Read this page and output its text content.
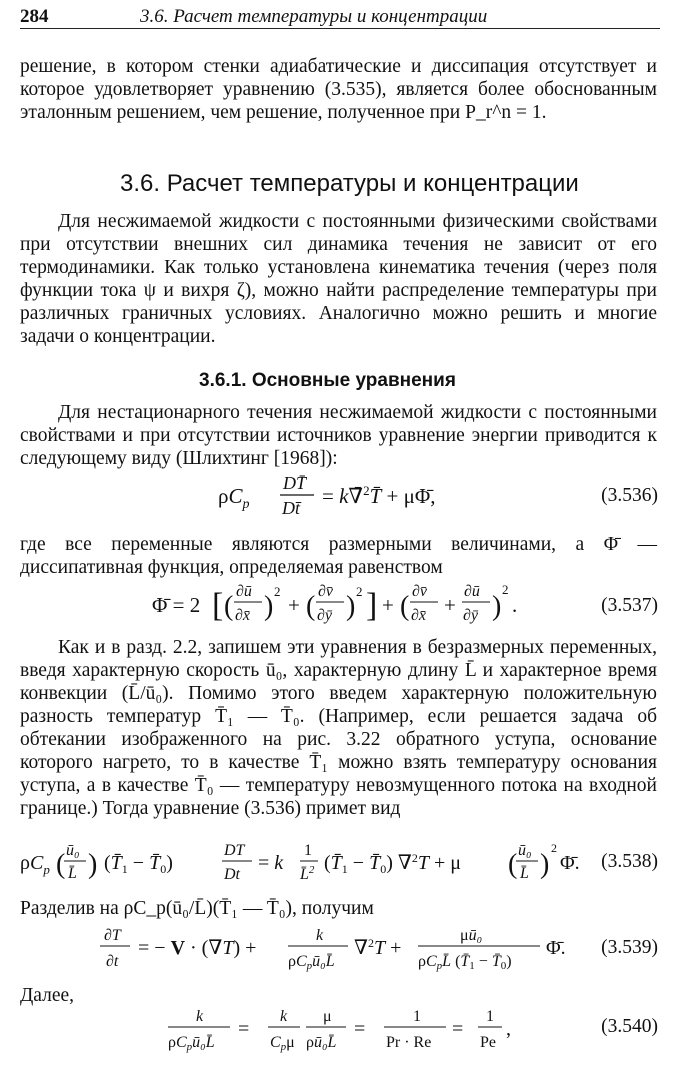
284	3.6. Расчет температуры и концентрации
решение, в котором стенки адиабатические и диссипация отсутствует и которое удовлетворяет уравнению (3.535), является более обоснованным эталонным решением, чем решение, полученное при P_r^n = 1.
3.6. Расчет температуры и концентрации
Для несжимаемой жидкости с постоянными физическими свойствами при отсутствии внешних сил динамика течения не зависит от его термодинамики. Как только установлена кинематика течения (через поля функции тока ψ и вихря ζ), можно найти распределение температуры при различных граничных условиях. Аналогично можно решить и многие задачи о концентрации.
3.6.1. Основные уравнения
Для нестационарного течения несжимаемой жидкости с постоянными свойствами и при отсутствии источников уравнение энергии приводится к следующему виду (Шлихтинг [1968]):
$\rho C_p$
DT̄
Dt̄ = k∇̄$^2$T̄ + μΦ̄,	(3.536)
где все переменные являются размерными величинами, а Φ̄ — диссипативная функция, определяемая равенством
Φ̄ = 2 [ ( ∂ū
∂x̄ ) 2
+ ( ∂v̄
∂ȳ ) 2 ] + ( ∂v̄
∂x̄ +
∂ū
∂ȳ )
2
.	(3.537)
Как и в разд. 2.2, запишем эти уравнения в безразмерных переменных, введя характерную скорость ū₀, характерную длину L̄ и характерное время конвекции (L̄/ū₀). Помимо этого введем характерную положительную разность температур T̄₁ — T̄₀. (Например, если решается задача об обтекании изображенного на рис. 3.22 обратного уступа, основание которого нагрето, то в качестве T̄₁ можно взять температуру основания уступа, а в качестве T̄₀ — температуру невозмущенного потока на входной границе.) Тогда уравнение (3.536) примет вид
$\rho C_p$ ( ū₀
L̄ ) ($T̄_1$ − $T̄_0$)
DT
Dt
= k
1
L̄$^2$ ($T̄_1$ − $T̄_0$) ∇$^2$T + μ ( ū₀
L̄ )
2
Φ̄. (3.538)
Разделив на ρC_p(ū₀/L̄)(T̄₁ — T̄₀), получим
∂T
∂t
= − V · (∇T) +
k
ρCpū₀L̄
∇$^2$T +
μū₀
ρCpL̄ (T̄1 − T̄0)
Φ̄. (3.539)
Далее,
k
ρCpū₀L̄
=
k
Cpμ
μ
ρū₀L̄
=
1
Pr · Re
=
1
Pe
,	(3.540)
